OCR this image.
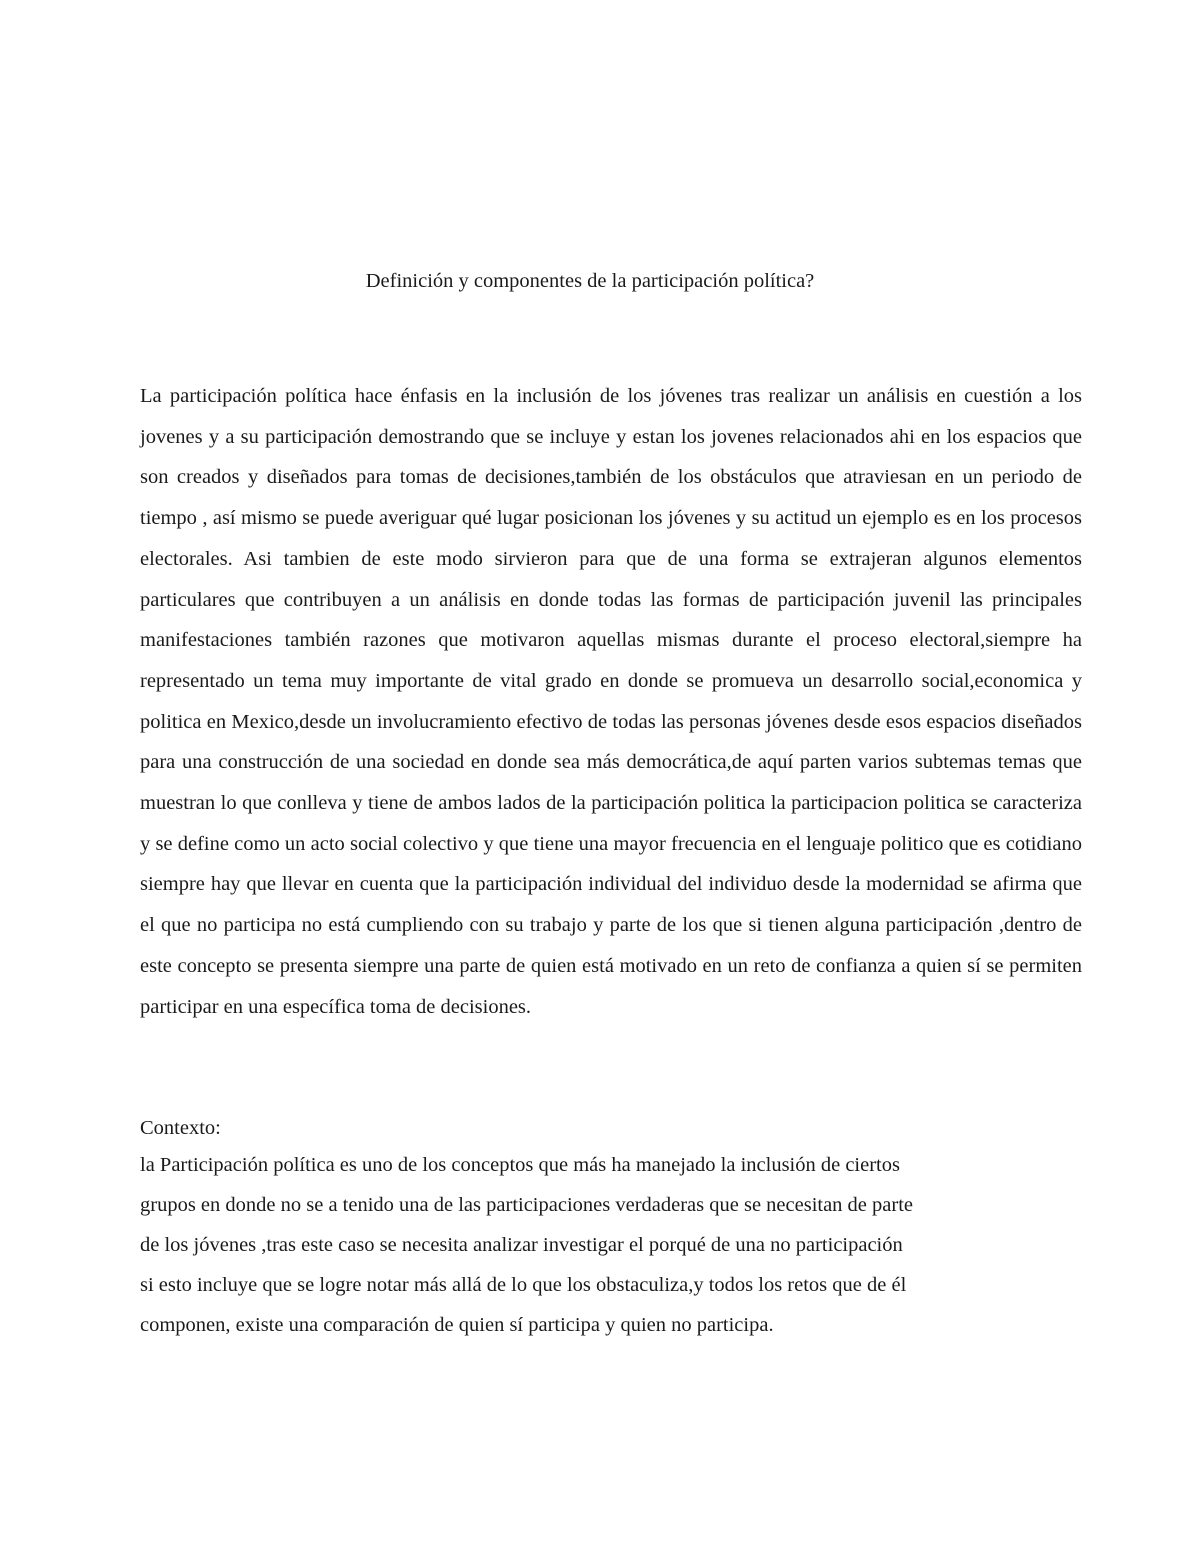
Definición y componentes de la participación política?

La participación política hace énfasis en la inclusión de los jóvenes tras realizar un análisis en cuestión a los jovenes y a su participación demostrando que se incluye y estan los jovenes relacionados ahi en los espacios que son creados y diseñados para tomas de decisiones,también de los obstáculos que atraviesan en un periodo de tiempo , así mismo se puede averiguar qué lugar posicionan los jóvenes y su actitud un ejemplo es en los procesos electorales. Asi tambien de este modo sirvieron para que de una forma se extrajeran algunos elementos particulares que contribuyen a un análisis en donde todas las formas de participación juvenil las principales manifestaciones también razones que motivaron aquellas mismas durante el proceso electoral,siempre ha representado un tema muy importante de vital grado en donde se promueva un desarrollo social,economica y politica en Mexico,desde un involucramiento efectivo de todas las personas jóvenes desde esos espacios diseñados para una construcción de una sociedad en donde sea más democrática,de aquí parten varios subtemas temas que muestran lo que conlleva y tiene de ambos lados de la participación politica la participacion politica se caracteriza y se define como un acto social colectivo y que tiene una mayor frecuencia en el lenguaje politico que es cotidiano siempre hay que llevar en cuenta que la participación individual del individuo desde la modernidad se afirma que el que no participa no está cumpliendo con su trabajo y parte de los que si tienen alguna participación ,dentro de este concepto se presenta siempre una parte de quien está motivado en un reto de confianza a quien sí se permiten participar en una específica toma de decisiones.

Contexto:

la Participación política es uno de los conceptos que más ha manejado la inclusión de ciertos
grupos en donde no se a tenido una de las participaciones verdaderas que se necesitan de parte
de los jóvenes ,tras este caso se necesita analizar investigar el porqué de una no participación
si esto incluye que se logre notar más allá de lo que los obstaculiza,y todos los retos que de él
componen, existe una comparación de quien sí participa y quien no participa.
